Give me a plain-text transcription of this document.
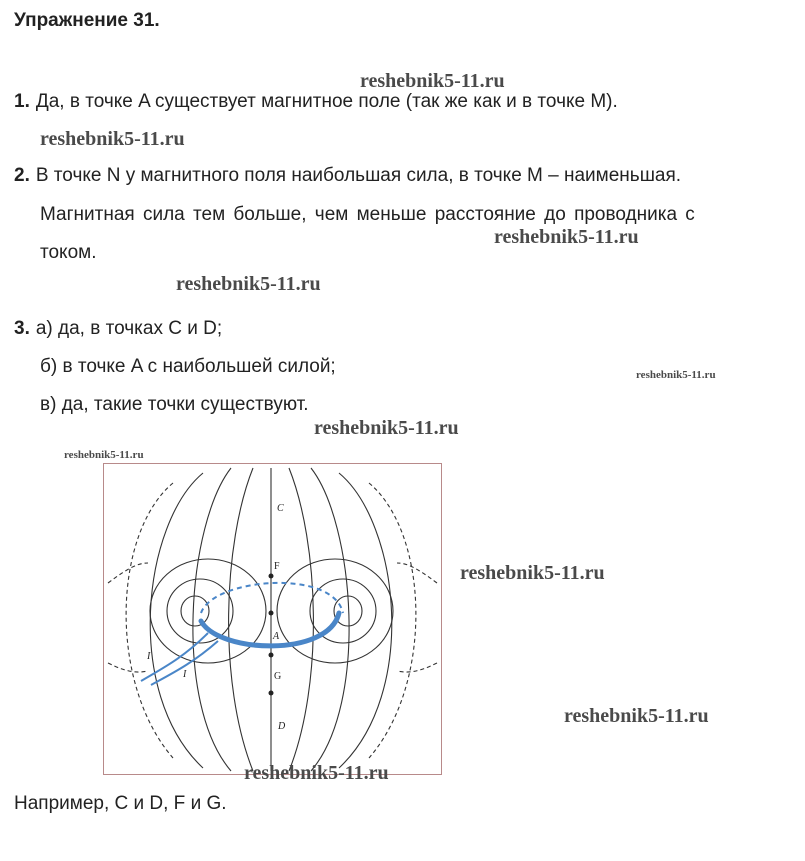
Упражнение 31.
1. Да, в точке A существует магнитное поле (так же как и в точке M).
2. В точке N у магнитного поля наибольшая сила, в точке M – наименьшая.
Магнитная сила тем больше, чем меньше расстояние до проводника с
током.
3. а) да, в точках C и D;
б) в точке A с наибольшей силой;
в) да, такие точки существуют.
Например, C и D, F и G.
C
F
A
G
D
I
I
reshebnik5-11.ru
reshebnik5-11.ru
reshebnik5-11.ru
reshebnik5-11.ru
reshebnik5-11.ru
reshebnik5-11.ru
reshebnik5-11.ru
reshebnik5-11.ru
reshebnik5-11.ru
reshebnik5-11.ru
